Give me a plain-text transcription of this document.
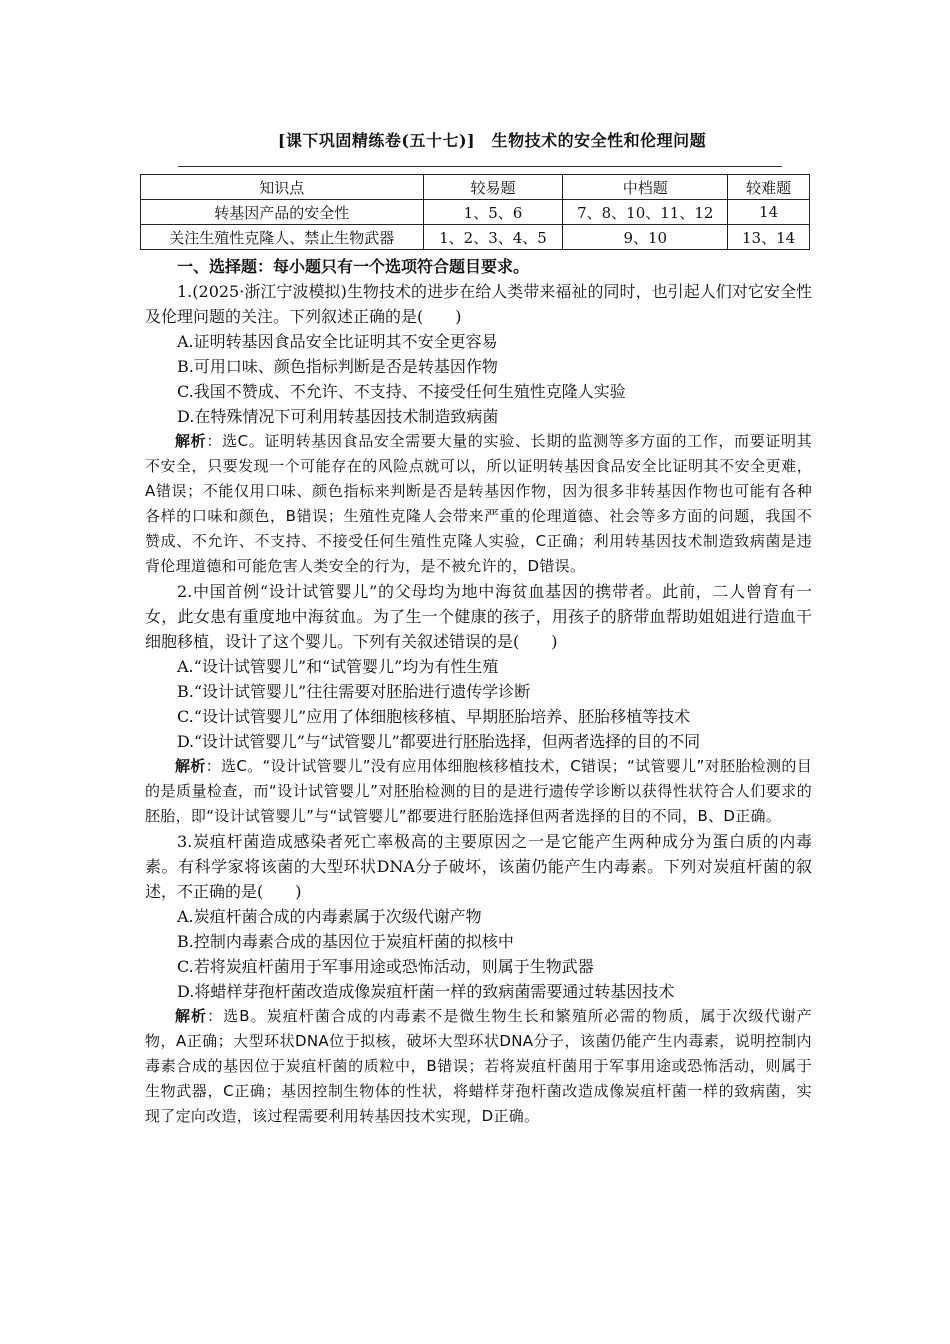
[课下巩固精练卷(五十七)]　生物技术的安全性和伦理问题
知识点	较易题	中档题	较难题
转基因产品的安全性	1、5、6	7、8、10、11、12	14
关注生殖性克隆人、禁止生物武器	1、2、3、4、5	9、10	13、14

一、选择题：每小题只有一个选项符合题目要求。

1.(2025·浙江宁波模拟)生物技术的进步在给人类带来福祉的同时，也引起人们对它安全性及伦理问题的关注。下列叙述正确的是(　　)

A.证明转基因食品安全比证明其不安全更容易

B.可用口味、颜色指标判断是否是转基因作物

C.我国不赞成、不允许、不支持、不接受任何生殖性克隆人实验

D.在特殊情况下可利用转基因技术制造致病菌

解析：选C。证明转基因食品安全需要大量的实验、长期的监测等多方面的工作，而要证明其不安全，只要发现一个可能存在的风险点就可以，所以证明转基因食品安全比证明其不安全更难，A错误；不能仅用口味、颜色指标来判断是否是转基因作物，因为很多非转基因作物也可能有各种各样的口味和颜色，B错误；生殖性克隆人会带来严重的伦理道德、社会等多方面的问题，我国不赞成、不允许、不支持、不接受任何生殖性克隆人实验，C正确；利用转基因技术制造致病菌是违背伦理道德和可能危害人类安全的行为，是不被允许的，D错误。

2.中国首例“设计试管婴儿”的父母均为地中海贫血基因的携带者。此前，二人曾育有一女，此女患有重度地中海贫血。为了生一个健康的孩子，用孩子的脐带血帮助姐姐进行造血干细胞移植，设计了这个婴儿。下列有关叙述错误的是(　　)

A.“设计试管婴儿”和“试管婴儿”均为有性生殖

B.“设计试管婴儿”往往需要对胚胎进行遗传学诊断

C.“设计试管婴儿”应用了体细胞核移植、早期胚胎培养、胚胎移植等技术

D.“设计试管婴儿”与“试管婴儿”都要进行胚胎选择，但两者选择的目的不同

解析：选C。“设计试管婴儿”没有应用体细胞核移植技术，C错误；“试管婴儿”对胚胎检测的目的是质量检查，而“设计试管婴儿”对胚胎检测的目的是进行遗传学诊断以获得性状符合人们要求的胚胎，即“设计试管婴儿”与“试管婴儿”都要进行胚胎选择但两者选择的目的不同，B、D正确。

3.炭疽杆菌造成感染者死亡率极高的主要原因之一是它能产生两种成分为蛋白质的内毒素。有科学家将该菌的大型环状DNA分子破坏，该菌仍能产生内毒素。下列对炭疽杆菌的叙述，不正确的是(　　)

A.炭疽杆菌合成的内毒素属于次级代谢产物

B.控制内毒素合成的基因位于炭疽杆菌的拟核中

C.若将炭疽杆菌用于军事用途或恐怖活动，则属于生物武器

D.将蜡样芽孢杆菌改造成像炭疽杆菌一样的致病菌需要通过转基因技术

解析：选B。炭疽杆菌合成的内毒素不是微生物生长和繁殖所必需的物质，属于次级代谢产物，A正确；大型环状DNA位于拟核，破坏大型环状DNA分子，该菌仍能产生内毒素，说明控制内毒素合成的基因位于炭疽杆菌的质粒中，B错误；若将炭疽杆菌用于军事用途或恐怖活动，则属于生物武器，C正确；基因控制生物体的性状，将蜡样芽孢杆菌改造成像炭疽杆菌一样的致病菌，实现了定向改造，该过程需要利用转基因技术实现，D正确。
